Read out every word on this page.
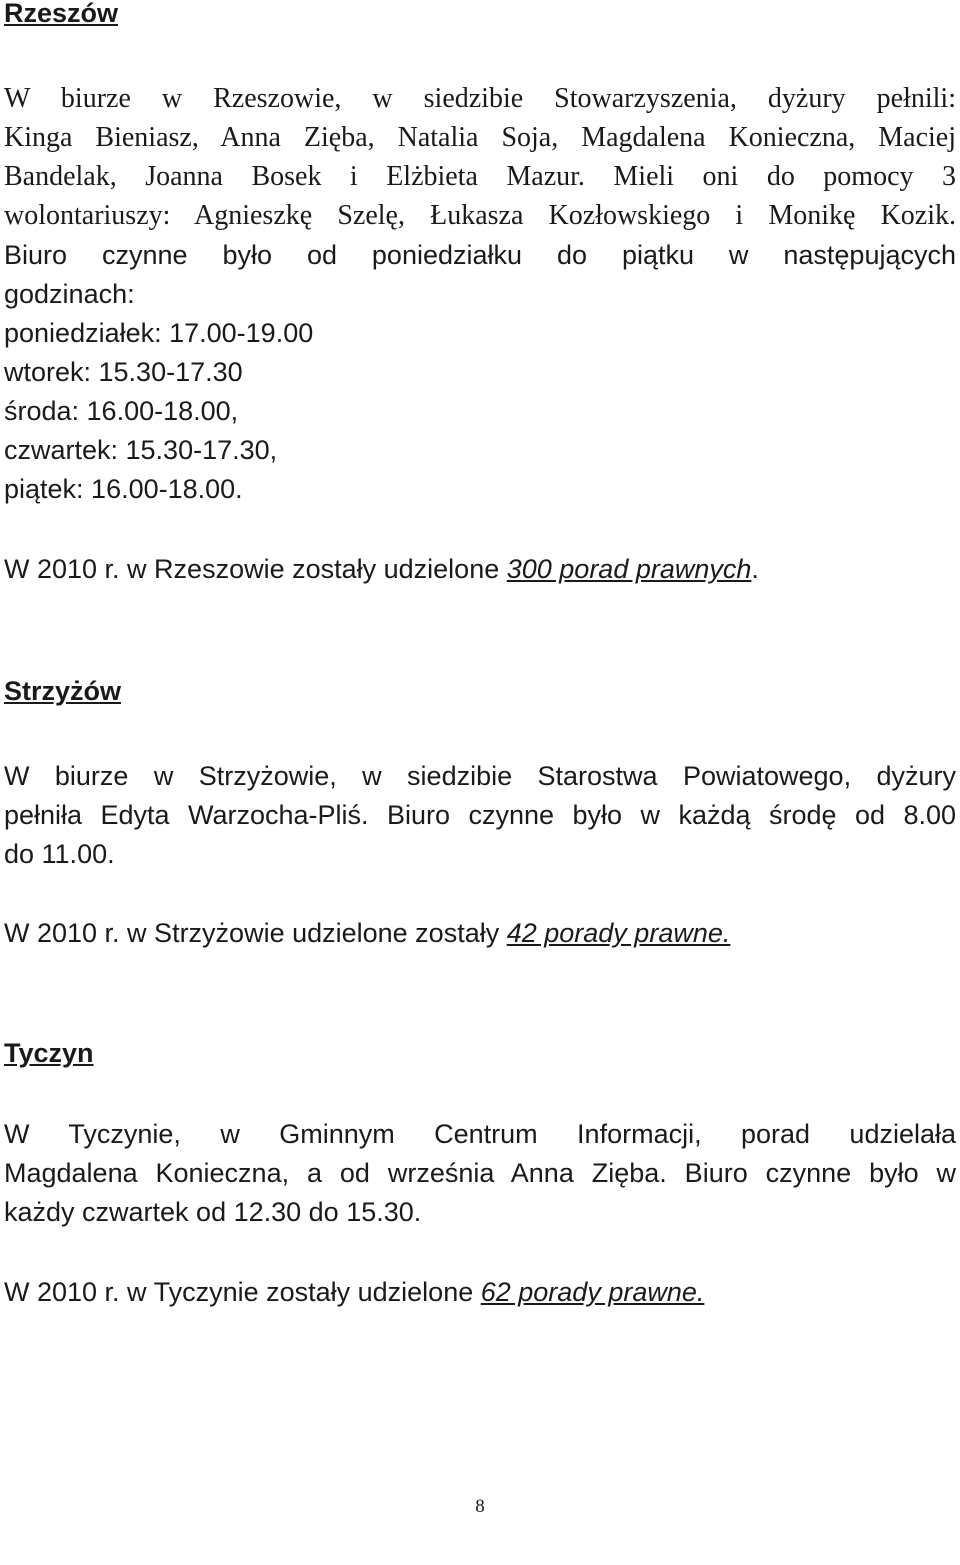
Rzeszów
W biurze w Rzeszowie, w siedzibie Stowarzyszenia, dyżury pełnili:
Kinga Bieniasz, Anna Zięba, Natalia Soja, Magdalena Konieczna, Maciej
Bandelak, Joanna Bosek i Elżbieta Mazur. Mieli oni do pomocy 3
wolontariuszy: Agnieszkę Szelę, Łukasza Kozłowskiego i Monikę Kozik.
Biuro czynne było od poniedziałku do piątku w następujących
godzinach:
poniedziałek: 17.00-19.00
wtorek: 15.30-17.30
środa: 16.00-18.00,
czwartek: 15.30-17.30,
piątek: 16.00-18.00.
W 2010 r. w Rzeszowie zostały udzielone 300 porad prawnych.
Strzyżów
W biurze w Strzyżowie, w siedzibie Starostwa Powiatowego, dyżury
pełniła Edyta Warzocha-Pliś. Biuro czynne było w każdą środę od 8.00
do 11.00.
W 2010 r. w Strzyżowie udzielone zostały 42 porady prawne.
Tyczyn
W Tyczynie, w Gminnym Centrum Informacji, porad udzielała
Magdalena Konieczna, a od września Anna Zięba. Biuro czynne było w
każdy czwartek od 12.30 do 15.30.
W 2010 r. w Tyczynie zostały udzielone 62 porady prawne.
8
